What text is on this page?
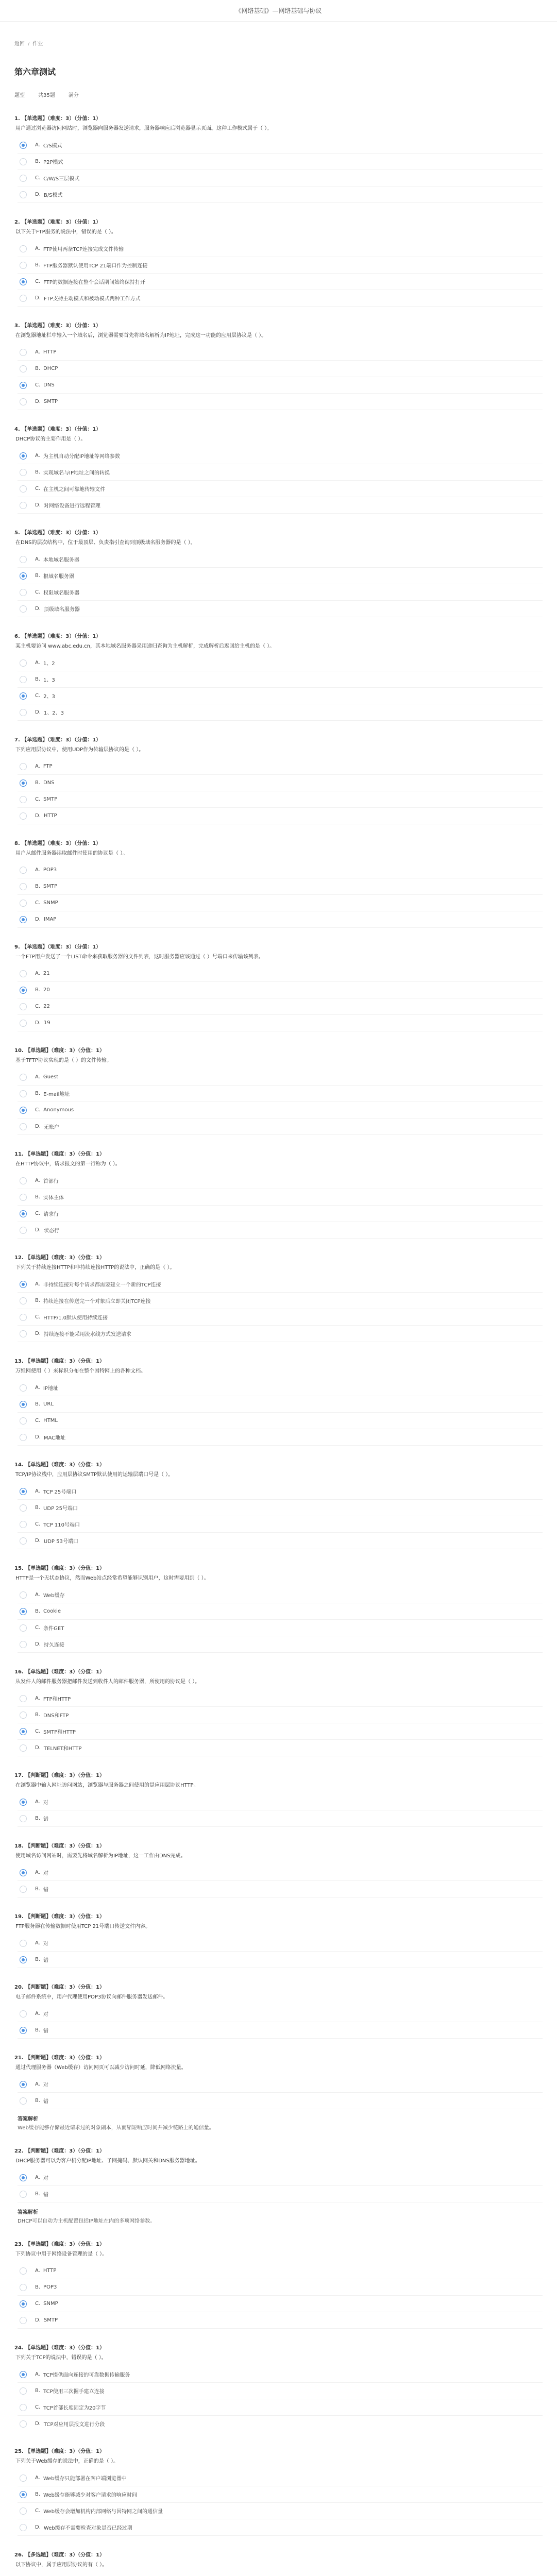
《网络基础》—网络基础与协议
返回 / 作业
第六章测试
题型	共35题	满分
1. 【单选题】（难度：3）（分值：1）
用户通过浏览器访问网站时，浏览器向服务器发送请求，服务器响应后浏览器显示页面。这种工作模式属于（ ）。
A. C/S模式
B. P2P模式
C. C/W/S三层模式
D. B/S模式
2. 【单选题】（难度：3）（分值：1）
以下关于FTP服务的说法中，错误的是（ ）。
A. FTP使用两条TCP连接完成文件传输
B. FTP服务器默认使用TCP 21端口作为控制连接
C. FTP的数据连接在整个会话期间始终保持打开
D. FTP支持主动模式和被动模式两种工作方式
3. 【单选题】（难度：3）（分值：1）
在浏览器地址栏中输入一个域名后，浏览器需要首先将域名解析为IP地址，完成这一功能的应用层协议是（ ）。
A. HTTP
B. DHCP
C. DNS
D. SMTP
4. 【单选题】（难度：3）（分值：1）
DHCP协议的主要作用是（ ）。
A. 为主机自动分配IP地址等网络参数
B. 实现域名与IP地址之间的转换
C. 在主机之间可靠地传输文件
D. 对网络设备进行远程管理
5. 【单选题】（难度：3）（分值：1）
在DNS的层次结构中，位于最顶层、负责指引查询到顶级域名服务器的是（ ）。
A. 本地域名服务器
B. 根域名服务器
C. 权限域名服务器
D. 顶级域名服务器
6. 【单选题】（难度：3）（分值：1）
某主机要访问 www.abc.edu.cn，其本地域名服务器采用递归查询为主机解析，完成解析后返回给主机的是（ ）。
A. 1、2
B. 1、3
C. 2、3
D. 1、2、3
7. 【单选题】（难度：3）（分值：1）
下列应用层协议中，使用UDP作为传输层协议的是（ ）。
A. FTP
B. DNS
C. SMTP
D. HTTP
8. 【单选题】（难度：3）（分值：1）
用户从邮件服务器读取邮件时使用的协议是（ ）。
A. POP3
B. SMTP
C. SNMP
D. IMAP
9. 【单选题】（难度：3）（分值：1）
一个FTP用户发送了一个LIST命令来获取服务器的文件列表，这时服务器应该通过（ ）号端口来传输该列表。
A. 21
B. 20
C. 22
D. 19
10. 【单选题】（难度：3）（分值：1）
基于TFTP协议实现的是（ ）的文件传输。
A. Guest
B. E-mail地址
C. Anonymous
D. 无账户
11. 【单选题】（难度：3）（分值：1）
在HTTP协议中，请求报文的第一行称为（ ）。
A. 首部行
B. 实体主体
C. 请求行
D. 状态行
12. 【单选题】（难度：3）（分值：1）
下列关于持续连接HTTP和非持续连接HTTP的说法中，正确的是（ ）。
A. 非持续连接对每个请求都需要建立一个新的TCP连接
B. 持续连接在传送完一个对象后立即关闭TCP连接
C. HTTP/1.0默认使用持续连接
D. 持续连接不能采用流水线方式发送请求
13. 【单选题】（难度：3）（分值：1）
万维网使用（ ）来标识分布在整个因特网上的各种文档。
A. IP地址
B. URL
C. HTML
D. MAC地址
14. 【单选题】（难度：3）（分值：1）
TCP/IP协议栈中，应用层协议SMTP默认使用的运输层端口号是（ ）。
A. TCP 25号端口
B. UDP 25号端口
C. TCP 110号端口
D. UDP 53号端口
15. 【单选题】（难度：3）（分值：1）
HTTP是一个无状态协议，然而Web站点经常希望能够识别用户，这时需要用到（ ）。
A. Web缓存
B. Cookie
C. 条件GET
D. 持久连接
16. 【单选题】（难度：3）（分值：1）
从发件人的邮件服务器把邮件发送到收件人的邮件服务器，所使用的协议是（ ）。
A. FTP和HTTP
B. DNS和FTP
C. SMTP和HTTP
D. TELNET和HTTP
17. 【判断题】（难度：3）（分值：1）
在浏览器中输入网址访问网站，浏览器与服务器之间使用的是应用层协议HTTP。
A. 对
B. 错
18. 【判断题】（难度：3）（分值：1）
使用域名访问网站时，需要先将域名解析为IP地址，这一工作由DNS完成。
A. 对
B. 错
19. 【判断题】（难度：3）（分值：1）
FTP服务器在传输数据时使用TCP 21号端口传送文件内容。
A. 对
B. 错
20. 【判断题】（难度：3）（分值：1）
电子邮件系统中，用户代理使用POP3协议向邮件服务器发送邮件。
A. 对
B. 错
21. 【判断题】（难度：3）（分值：1）
通过代理服务器（Web缓存）访问网页可以减少访问时延，降低网络流量。
A. 对
B. 错
答案解析
Web缓存能够存储最近请求过的对象副本，从而缩短响应时间并减少链路上的通信量。
22. 【判断题】（难度：3）（分值：1）
DHCP服务器可以为客户机分配IP地址、子网掩码、默认网关和DNS服务器地址。
A. 对
B. 错
答案解析
DHCP可以自动为主机配置包括IP地址在内的多项网络参数。
23. 【单选题】（难度：3）（分值：1）
下列协议中用于网络设备管理的是（ ）。
A. HTTP
B. POP3
C. SNMP
D. SMTP
24. 【单选题】（难度：3）（分值：1）
下列关于TCP的说法中，错误的是（ ）。
A. TCP提供面向连接的可靠数据传输服务
B. TCP使用三次握手建立连接
C. TCP首部长度固定为20字节
D. TCP对应用层报文进行分段
25. 【单选题】（难度：3）（分值：1）
下列关于Web缓存的说法中，正确的是（ ）。
A. Web缓存只能部署在客户端浏览器中
B. Web缓存能够减少对客户请求的响应时间
C. Web缓存会增加机构内部网络与因特网之间的通信量
D. Web缓存不需要检查对象是否已经过期
26. 【多选题】（难度：3）（分值：1）
以下协议中，属于应用层协议的有（ ）。
